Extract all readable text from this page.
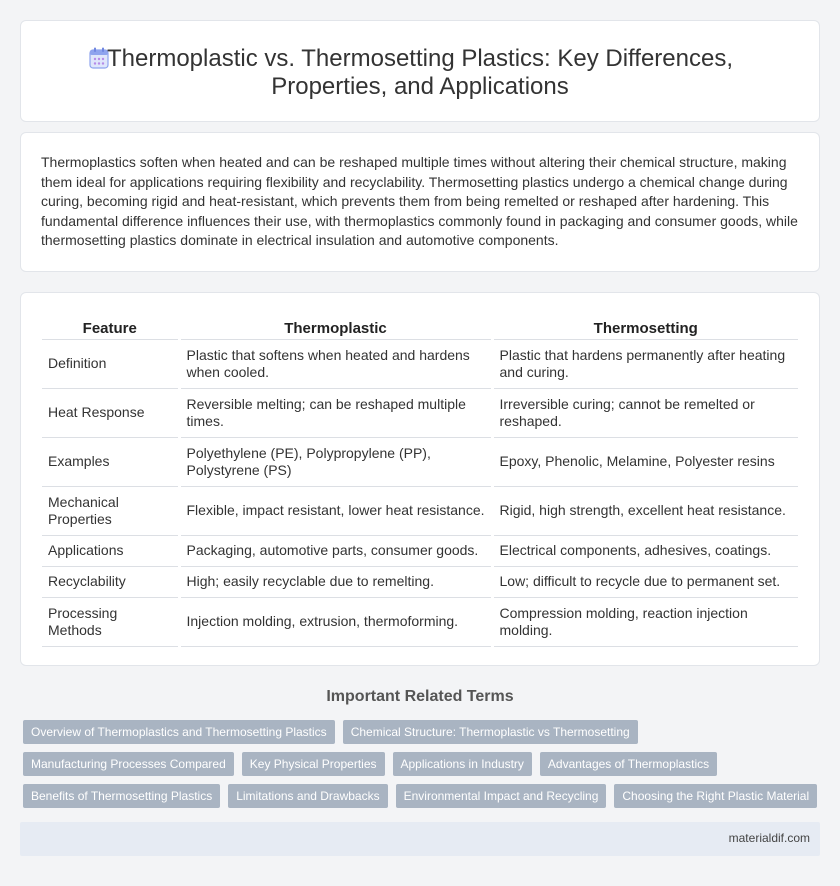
Thermoplastic vs. Thermosetting Plastics: Key Differences, Properties, and Applications

Thermoplastics soften when heated and can be reshaped multiple times without altering their chemical structure, making them ideal for applications requiring flexibility and recyclability. Thermosetting plastics undergo a chemical change during curing, becoming rigid and heat-resistant, which prevents them from being remelted or reshaped after hardening. This fundamental difference influences their use, with thermoplastics commonly found in packaging and consumer goods, while thermosetting plastics dominate in electrical insulation and automotive components.

Feature	Thermoplastic	Thermosetting
Definition	Plastic that softens when heated and hardens when cooled.	Plastic that hardens permanently after heating and curing.
Heat Response	Reversible melting; can be reshaped multiple times.	Irreversible curing; cannot be remelted or reshaped.
Examples	Polyethylene (PE), Polypropylene (PP), Polystyrene (PS)	Epoxy, Phenolic, Melamine, Polyester resins
Mechanical Properties	Flexible, impact resistant, lower heat resistance.	Rigid, high strength, excellent heat resistance.
Applications	Packaging, automotive parts, consumer goods.	Electrical components, adhesives, coatings.
Recyclability	High; easily recyclable due to remelting.	Low; difficult to recycle due to permanent set.
Processing Methods	Injection molding, extrusion, thermoforming.	Compression molding, reaction injection molding.
Important Related Terms
Overview of Thermoplastics and Thermosetting Plastics	Chemical Structure: Thermoplastic vs Thermosetting
Manufacturing Processes Compared	Key Physical Properties	Applications in Industry	Advantages of Thermoplastics
Benefits of Thermosetting Plastics	Limitations and Drawbacks	Environmental Impact and Recycling	Choosing the Right Plastic Material
materialdif.com
